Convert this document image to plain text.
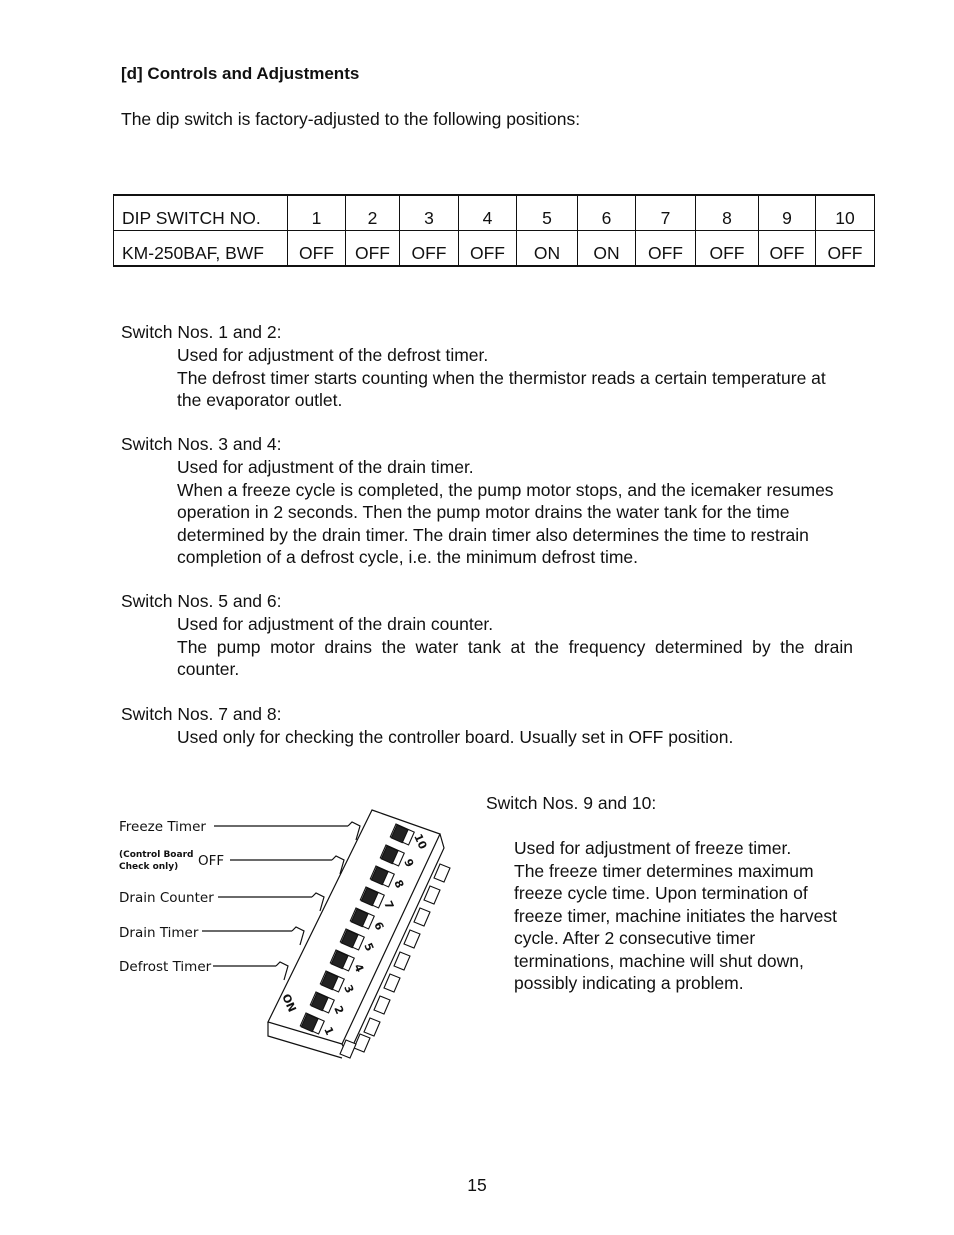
[d] Controls and Adjustments
The dip switch is factory-adjusted to the following positions:
DIP SWITCH NO.	1	2	3	4	5	6	7	8	9	10
KM-250BAF, BWF	OFF	OFF	OFF	OFF	ON	ON	OFF	OFF	OFF	OFF
Switch Nos. 1 and 2:

Used for adjustment of the defrost timer.

The defrost timer starts counting when the thermistor reads a certain temperature at the evaporator outlet.

Switch Nos. 3 and 4:

Used for adjustment of the drain timer.

When a freeze cycle is completed, the pump motor stops, and the icemaker resumes operation in 2 seconds. Then the pump motor drains the water tank for the time determined by the drain timer. The drain timer also determines the time to restrain completion of a defrost cycle, i.e. the minimum defrost time.

Switch Nos. 5 and 6:

Used for adjustment of the drain counter.

The pump motor drains the water tank at the frequency determined by the drain counter.

Switch Nos. 7 and 8:

Used only for checking the controller board. Usually set in OFF position.

Switch Nos. 9 and 10:

Used for adjustment of freeze timer.

The freeze timer determines maximum freeze cycle time. Upon termination of freeze timer, machine initiates the harvest cycle. After 2 consecutive timer terminations, machine will shut down, possibly indicating a problem.

Freeze Timer
(Control Board
Check only) OFF
Drain Counter
Drain Timer
Defrost Timer
ON
1
2
3
4
5
6
7
8
9
10
15
